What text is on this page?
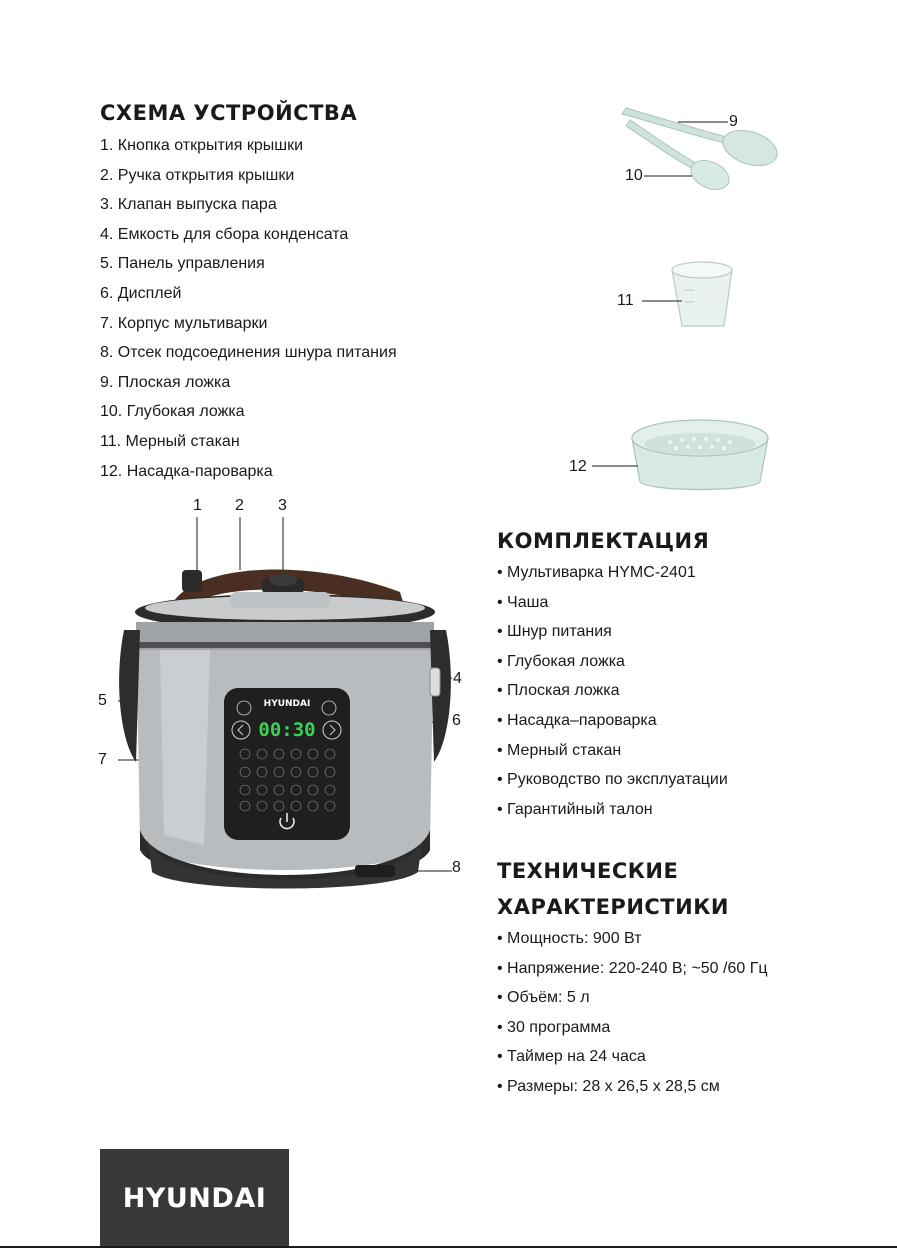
СХЕМА УСТРОЙСТВА
1. Кнопка открытия крышки
2. Ручка открытия крышки
3. Клапан выпуска пара
4. Емкость для сбора конденсата
5. Панель управления
6. Дисплей
7. Корпус мультиварки
8. Отсек подсоединения шнура питания
9. Плоская ложка
10. Глубокая ложка
11. Мерный стакан
12. Насадка-пароварка
9
10
11
12
HYUNDAI
00:30
1 2 3
4
5
6
7
8
КОМПЛЕКТАЦИЯ
• Мультиварка HYMC-2401
• Чаша
• Шнур питания
• Глубокая ложка
• Плоская ложка
• Насадка–пароварка
• Мерный стакан
• Руководство по эксплуатации
• Гарантийный талон
ТЕХНИЧЕСКИЕ
ХАРАКТЕРИСТИКИ
• Мощность: 900 Вт
• Напряжение: 220-240 В; ~50 /60 Гц
• Объём: 5 л
• 30 программа
• Таймер на 24 часа
• Размеры: 28 х 26,5 х 28,5 см
HYUNDAI
